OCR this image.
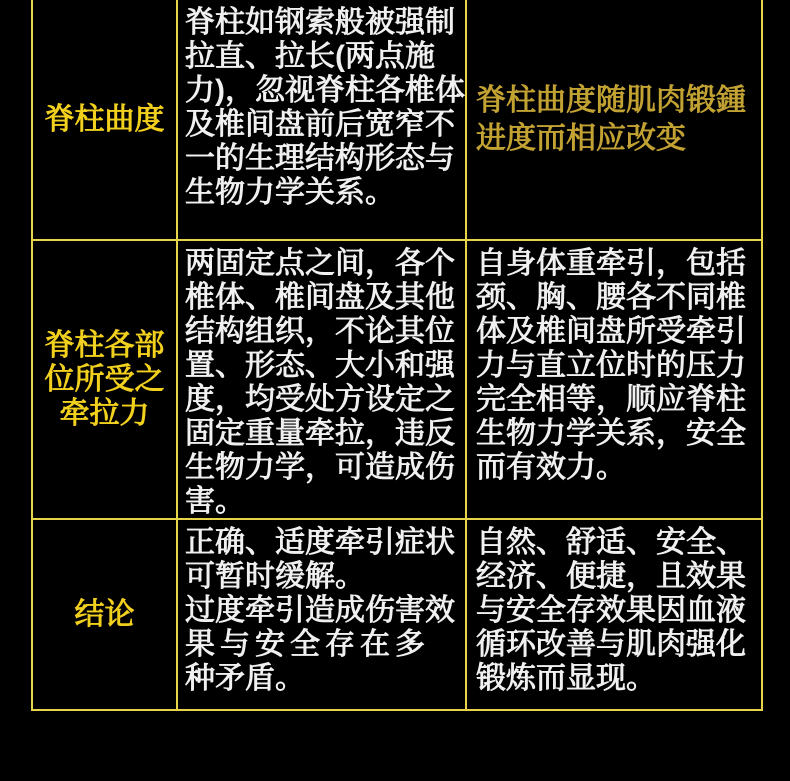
脊柱曲度
脊柱如钢索般被强制
拉直、拉长(两点施
力)，忽视脊柱各椎体
及椎间盘前后宽窄不
一的生理结构形态与
生物力学关系。
脊柱曲度随肌肉锻鍾
进度而相应改变
脊柱各部
位所受之
牵拉力
两固定点之间，各个
椎体、椎间盘及其他
结构组织，不论其位
置、形态、大小和强
度，均受处方设定之
固定重量牵拉，违反
生物力学，可造成伤
害。
自身体重牵引，包括
颈、胸、腰各不同椎
体及椎间盘所受牵引
力与直立位时的压力
完全相等，顺应脊柱
生物力学关系，安全
而有效力。
结论
正确、适度牵引症状
可暂时缓解。
过度牵引造成伤害效
果与安全存在多
种矛盾。
自然、舒适、安全、
经济、便捷，且效果
与安全存效果因血液
循环改善与肌肉强化
锻炼而显现。
